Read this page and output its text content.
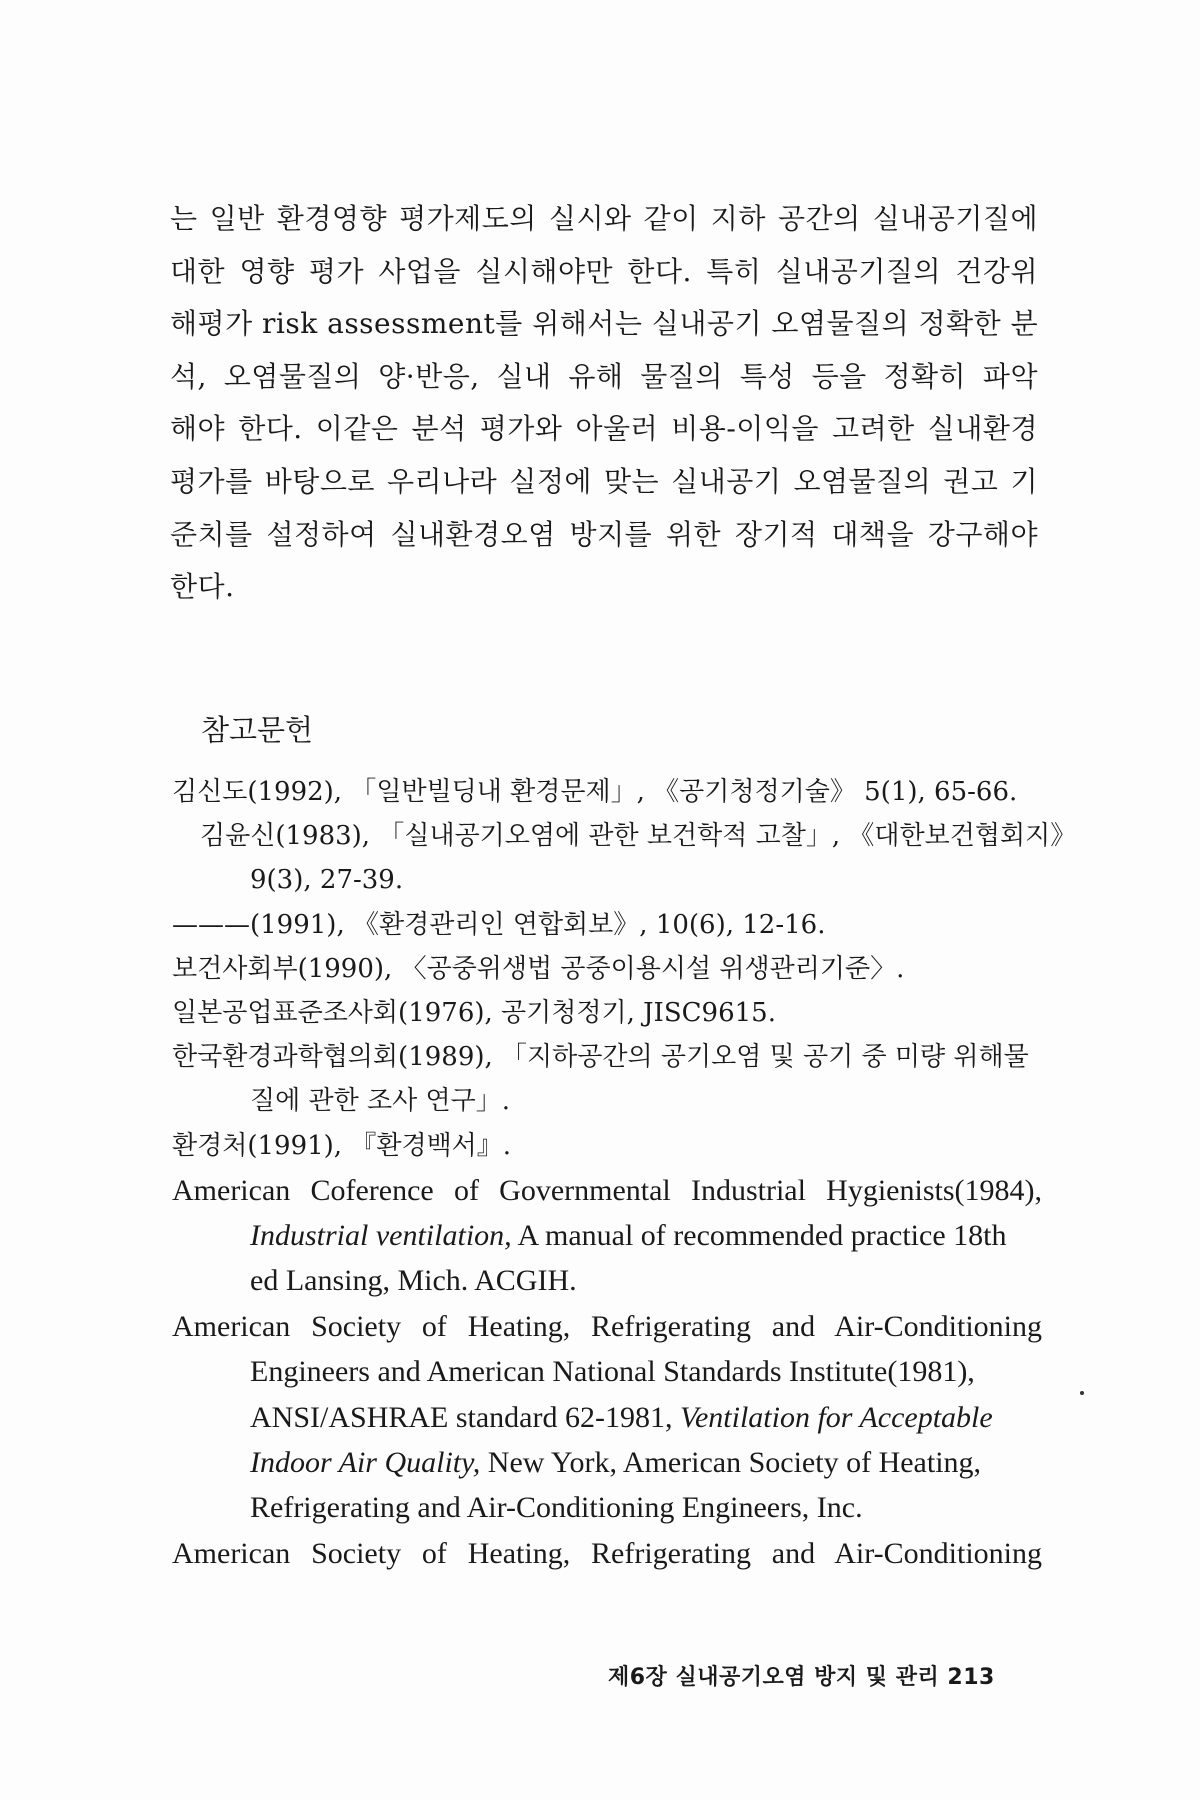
는 일반 환경영향 평가제도의 실시와 같이 지하 공간의 실내공기질에
대한 영향 평가 사업을 실시해야만 한다. 특히 실내공기질의 건강위
해평가 risk assessment를 위해서는 실내공기 오염물질의 정확한 분
석, 오염물질의 양·반응, 실내 유해 물질의 특성 등을 정확히 파악
해야 한다. 이같은 분석 평가와 아울러 비용-이익을 고려한 실내환경
평가를 바탕으로 우리나라 실정에 맞는 실내공기 오염물질의 권고 기
준치를 설정하여 실내환경오염 방지를 위한 장기적 대책을 강구해야
한다.
참고문헌
김신도(1992), 「일반빌딩내 환경문제」, 《공기청정기술》 5(1), 65-66.
김윤신(1983), 「실내공기오염에 관한 보건학적 고찰」, 《대한보건협회지》
9(3), 27-39.
———(1991), 《환경관리인 연합회보》, 10(6), 12-16.
보건사회부(1990), 〈공중위생법 공중이용시설 위생관리기준〉.
일본공업표준조사회(1976), 공기청정기, JISC9615.
한국환경과학협의회(1989), 「지하공간의 공기오염 및 공기 중 미량 위해물
질에 관한 조사 연구」.
환경처(1991), 『환경백서』.
American Coference of Governmental Industrial Hygienists(1984),
Industrial ventilation, A manual of recommended practice 18th
ed Lansing, Mich. ACGIH.
American Society of Heating, Refrigerating and Air-Conditioning
Engineers and American National Standards Institute(1981),
ANSI/ASHRAE standard 62-1981, Ventilation for Acceptable
Indoor Air Quality, New York, American Society of Heating,
Refrigerating and Air-Conditioning Engineers, Inc.
American Society of Heating, Refrigerating and Air-Conditioning
제6장 실내공기오염 방지 및 관리 213
